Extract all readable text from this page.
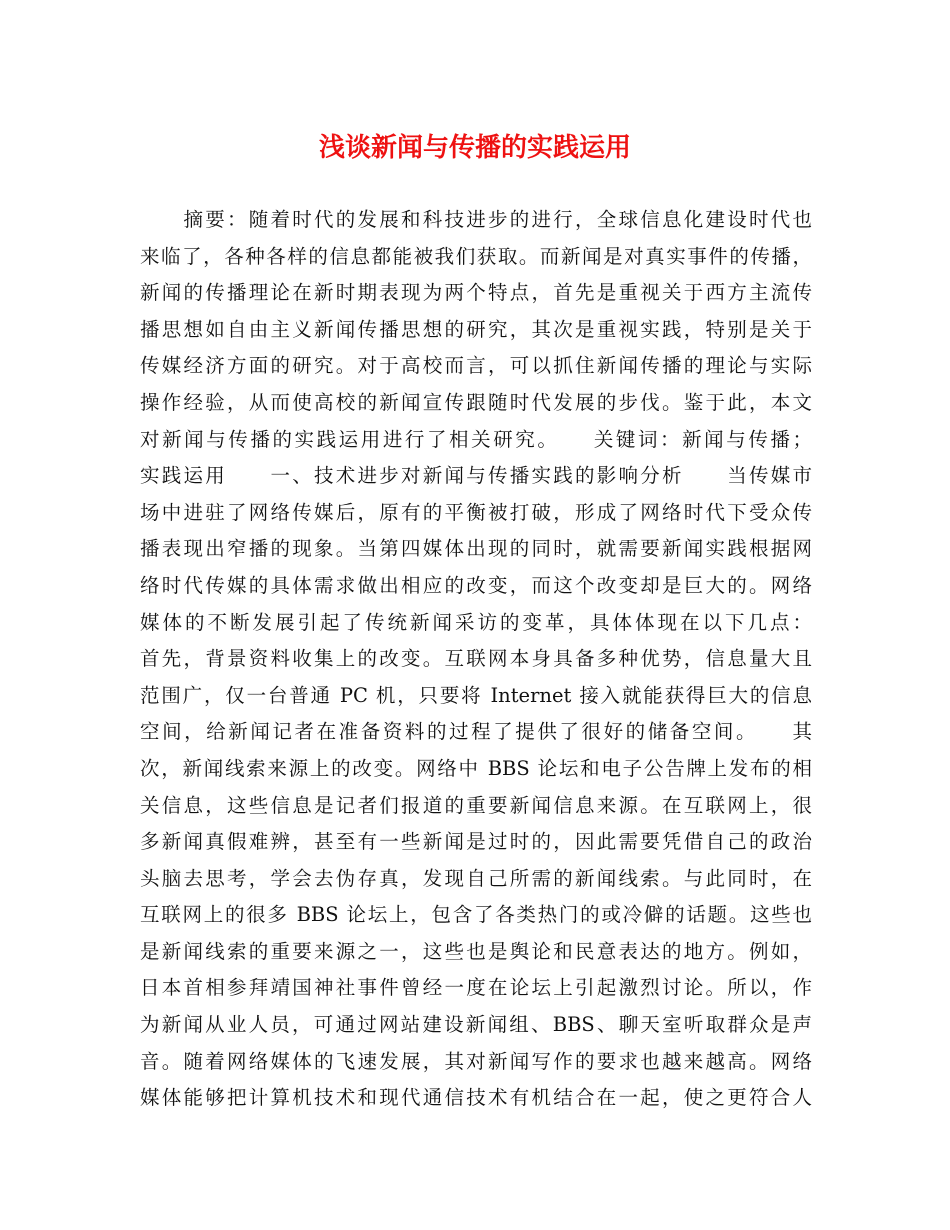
浅谈新闻与传播的实践运用
　　摘要：随着时代的发展和科技进步的进行，全球信息化建设时代也
来临了，各种各样的信息都能被我们获取。而新闻是对真实事件的传播，
新闻的传播理论在新时期表现为两个特点，首先是重视关于西方主流传
播思想如自由主义新闻传播思想的研究，其次是重视实践，特别是关于
传媒经济方面的研究。对于高校而言，可以抓住新闻传播的理论与实际
操作经验，从而使高校的新闻宣传跟随时代发展的步伐。鉴于此，本文
对新闻与传播的实践运用进行了相关研究。　　关键词：新闻与传播；
实践运用　　一、技术进步对新闻与传播实践的影响分析　　当传媒市
场中进驻了网络传媒后，原有的平衡被打破，形成了网络时代下受众传
播表现出窄播的现象。当第四媒体出现的同时，就需要新闻实践根据网
络时代传媒的具体需求做出相应的改变，而这个改变却是巨大的。网络
媒体的不断发展引起了传统新闻采访的变革，具体体现在以下几点：
首先，背景资料收集上的改变。互联网本身具备多种优势，信息量大且
范围广，仅一台普通 PC 机，只要将 Internet 接入就能获得巨大的信息
空间，给新闻记者在准备资料的过程了提供了很好的储备空间。　　其
次，新闻线索来源上的改变。网络中 BBS 论坛和电子公告牌上发布的相
关信息，这些信息是记者们报道的重要新闻信息来源。在互联网上，很
多新闻真假难辨，甚至有一些新闻是过时的，因此需要凭借自己的政治
头脑去思考，学会去伪存真，发现自己所需的新闻线索。与此同时，在
互联网上的很多 BBS 论坛上，包含了各类热门的或冷僻的话题。这些也
是新闻线索的重要来源之一，这些也是舆论和民意表达的地方。例如，
日本首相参拜靖国神社事件曾经一度在论坛上引起激烈讨论。所以，作
为新闻从业人员，可通过网站建设新闻组、BBS、聊天室听取群众是声
音。随着网络媒体的飞速发展，其对新闻写作的要求也越来越高。网络
媒体能够把计算机技术和现代通信技术有机结合在一起，使之更符合人
